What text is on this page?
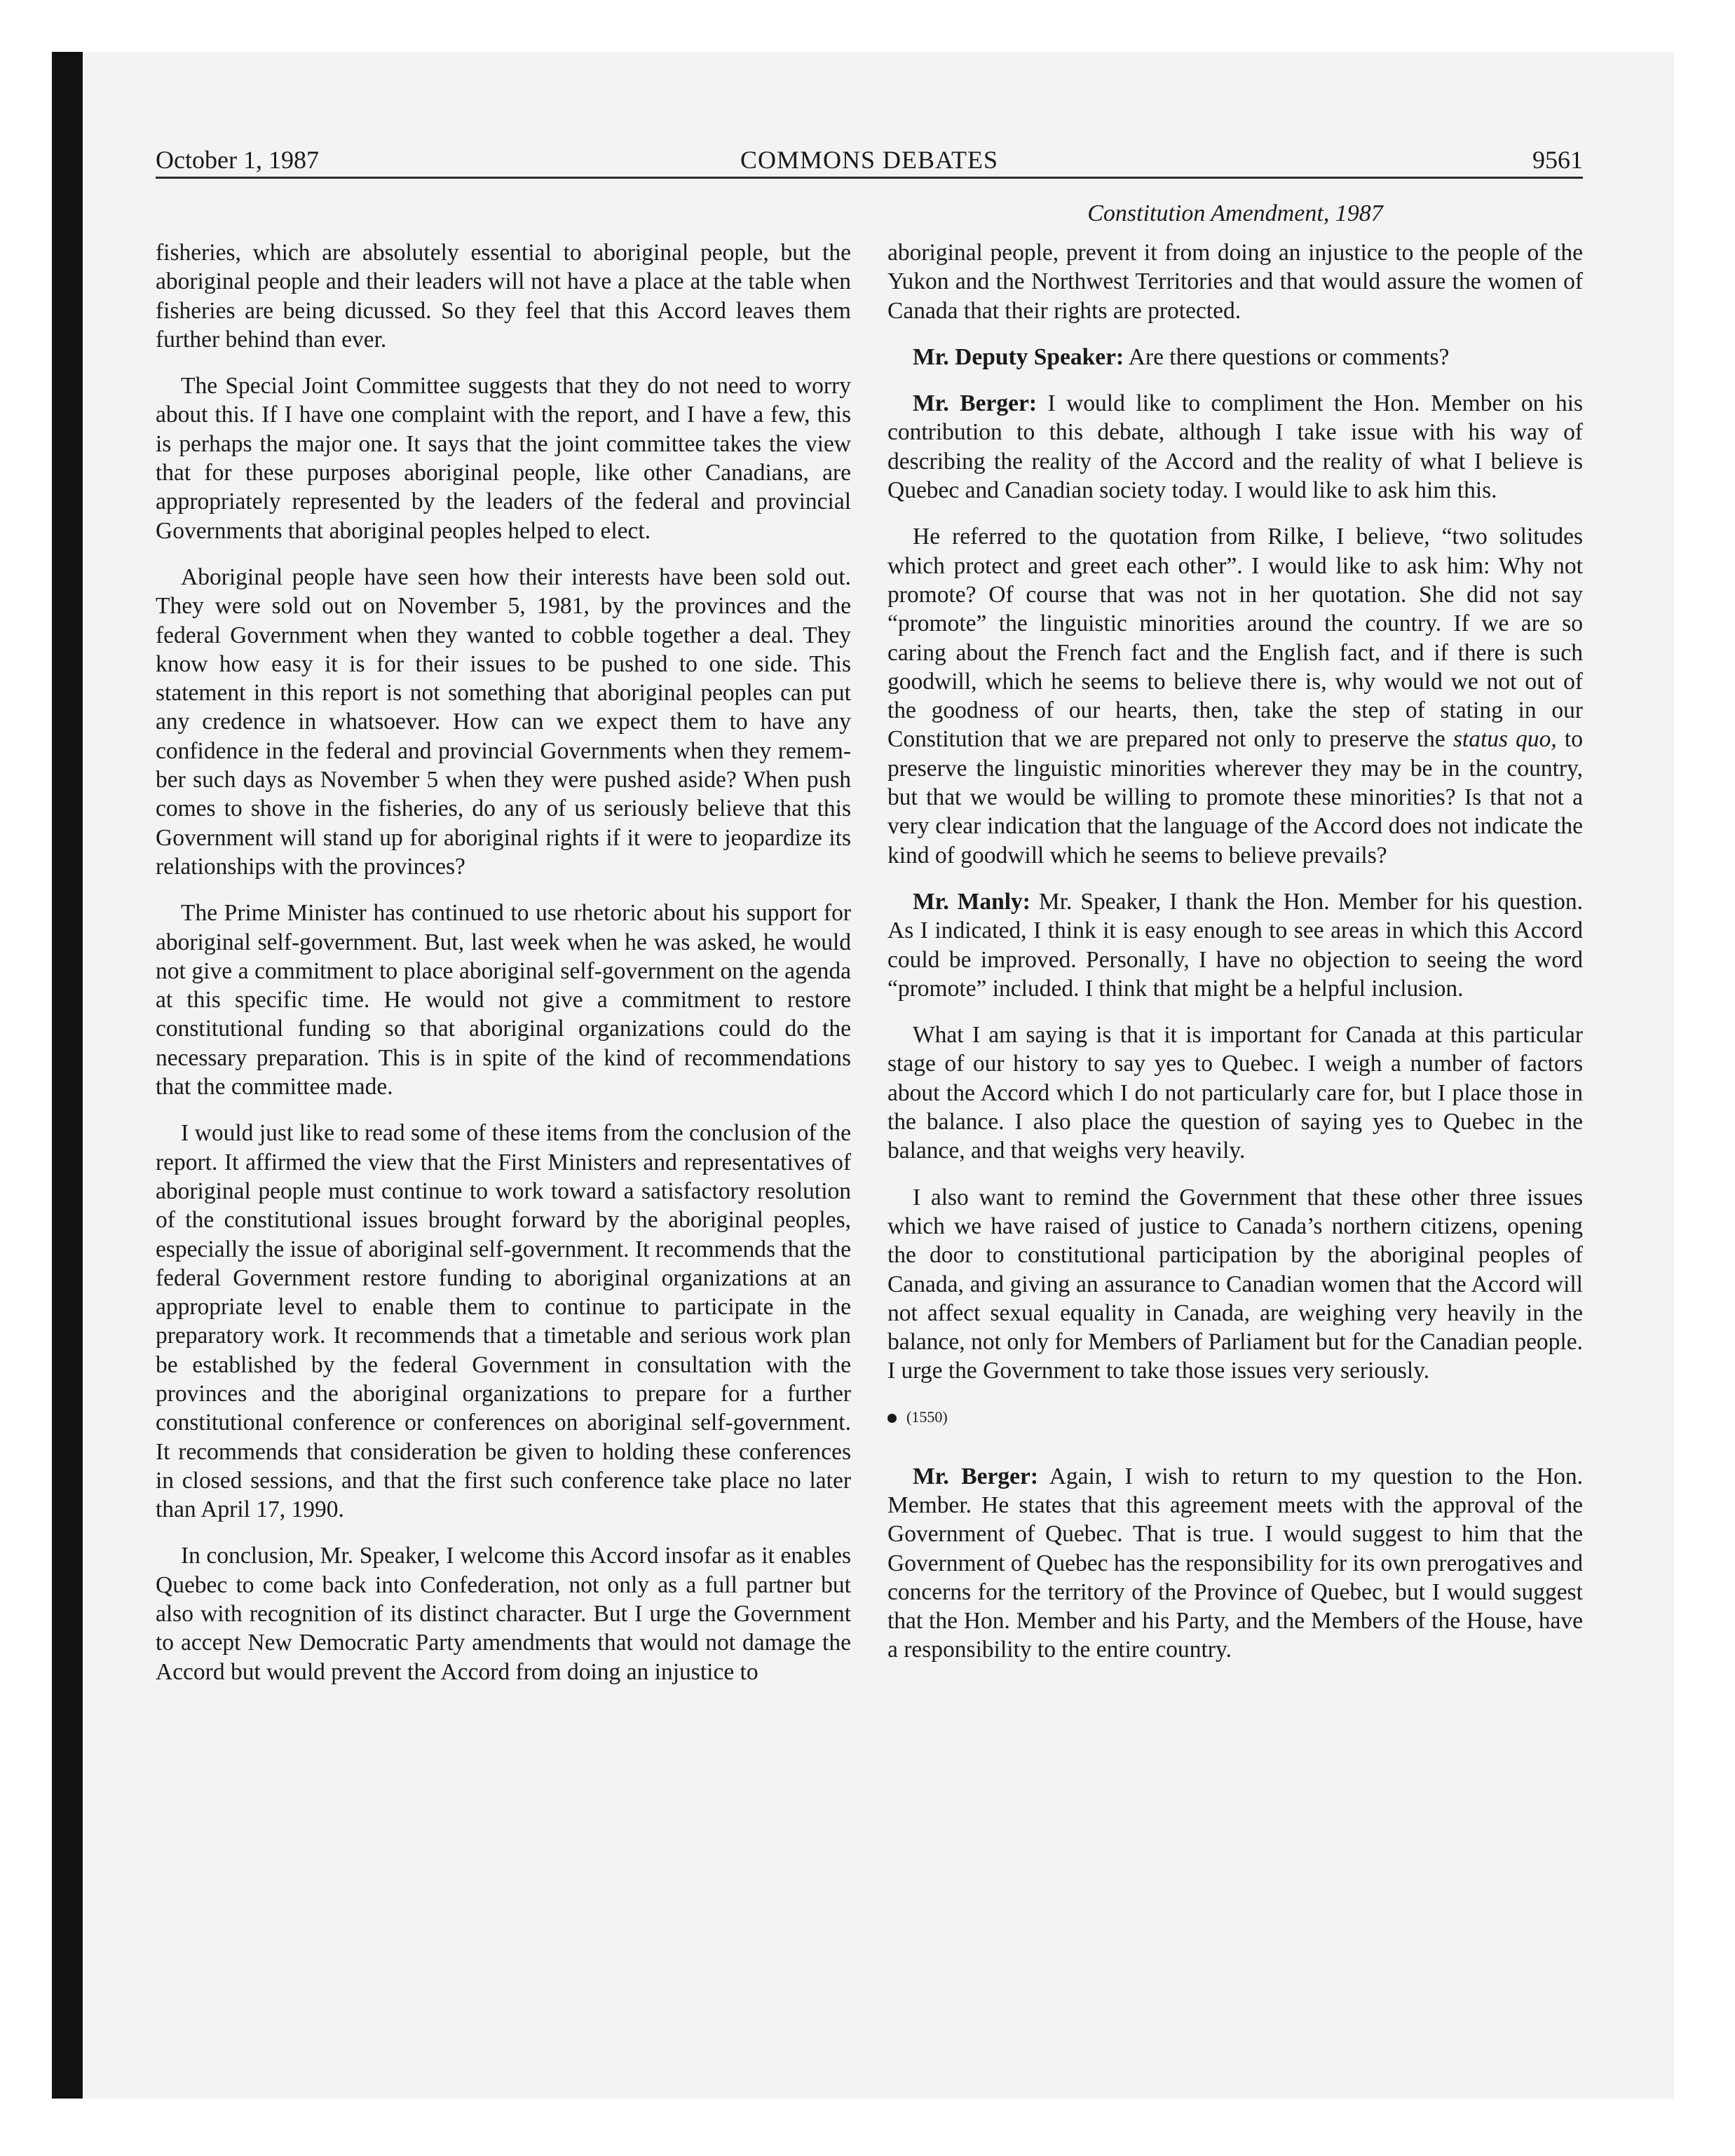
October 1, 1987	COMMONS DEBATES	9561
Constitution Amendment, 1987

fisheries, which are absolutely essential to aboriginal people, but the aboriginal people and their leaders will not have a place at the table when fisheries are being dicussed. So they feel that this Accord leaves them further behind than ever.

The Special Joint Committee suggests that they do not need to worry about this. If I have one complaint with the report, and I have a few, this is perhaps the major one. It says that the joint committee takes the view that for these purposes aboriginal people, like other Canadians, are appropriately represented by the leaders of the federal and provincial Governments that aboriginal peoples helped to elect.

Aboriginal people have seen how their interests have been sold out. They were sold out on November 5, 1981, by the provinces and the federal Government when they wanted to cobble together a deal. They know how easy it is for their issues to be pushed to one side. This statement in this report is not something that aboriginal peoples can put any credence in whatsoever. How can we expect them to have any confidence in the federal and provincial Governments when they remember such days as November 5 when they were pushed aside? When push comes to shove in the fisheries, do any of us seriously believe that this Government will stand up for aboriginal rights if it were to jeopardize its relationships with the provinces?

The Prime Minister has continued to use rhetoric about his support for aboriginal self-government. But, last week when he was asked, he would not give a commitment to place aboriginal self-government on the agenda at this specific time. He would not give a commitment to restore constitutional funding so that aboriginal organizations could do the necessary preparation. This is in spite of the kind of recommendations that the committee made.

I would just like to read some of these items from the conclusion of the report. It affirmed the view that the First Ministers and representatives of aboriginal people must continue to work toward a satisfactory resolution of the constitutional issues brought forward by the aboriginal peoples, especially the issue of aboriginal self-government. It recommends that the federal Government restore funding to aboriginal organizations at an appropriate level to enable them to continue to participate in the preparatory work. It recommends that a timetable and serious work plan be established by the federal Government in consultation with the provinces and the aboriginal organizations to prepare for a further constitutional conference or conferences on aboriginal self-government. It recommends that consideration be given to holding these conferences in closed sessions, and that the first such conference take place no later than April 17, 1990.

In conclusion, Mr. Speaker, I welcome this Accord insofar as it enables Quebec to come back into Confederation, not only as a full partner but also with recognition of its distinct character. But I urge the Government to accept New Democratic Party amendments that would not damage the Accord but would prevent the Accord from doing an injustice to

aboriginal people, prevent it from doing an injustice to the people of the Yukon and the Northwest Territories and that would assure the women of Canada that their rights are protected.

Mr. Deputy Speaker: Are there questions or comments?

Mr. Berger: I would like to compliment the Hon. Member on his contribution to this debate, although I take issue with his way of describing the reality of the Accord and the reality of what I believe is Quebec and Canadian society today. I would like to ask him this.

He referred to the quotation from Rilke, I believe, “two solitudes which protect and greet each other”. I would like to ask him: Why not promote? Of course that was not in her quotation. She did not say “promote” the linguistic minorities around the country. If we are so caring about the French fact and the English fact, and if there is such goodwill, which he seems to believe there is, why would we not out of the goodness of our hearts, then, take the step of stating in our Constitution that we are prepared not only to preserve the status quo, to preserve the linguistic minorities wherever they may be in the country, but that we would be willing to promote these minorities? Is that not a very clear indication that the language of the Accord does not indicate the kind of goodwill which he seems to believe prevails?

Mr. Manly: Mr. Speaker, I thank the Hon. Member for his question. As I indicated, I think it is easy enough to see areas in which this Accord could be improved. Personally, I have no objection to seeing the word “promote” included. I think that might be a helpful inclusion.

What I am saying is that it is important for Canada at this particular stage of our history to say yes to Quebec. I weigh a number of factors about the Accord which I do not particularly care for, but I place those in the balance. I also place the question of saying yes to Quebec in the balance, and that weighs very heavily.

I also want to remind the Government that these other three issues which we have raised of justice to Canada’s northern citizens, opening the door to constitutional participation by the aboriginal peoples of Canada, and giving an assurance to Canadian women that the Accord will not affect sexual equality in Canada, are weighing very heavily in the balance, not only for Members of Parliament but for the Canadian people. I urge the Government to take those issues very seriously.

(1550)

Mr. Berger: Again, I wish to return to my question to the Hon. Member. He states that this agreement meets with the approval of the Government of Quebec. That is true. I would suggest to him that the Government of Quebec has the responsibility for its own prerogatives and concerns for the territory of the Province of Quebec, but I would suggest that the Hon. Member and his Party, and the Members of the House, have a responsibility to the entire country.
